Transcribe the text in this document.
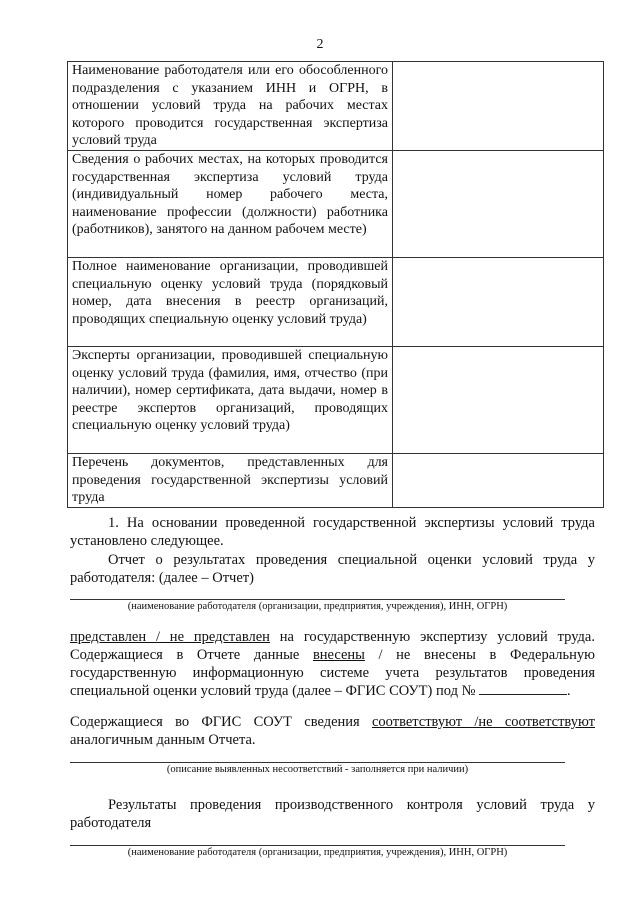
2
Наименование работодателя или его обособленного подразделения с указанием ИНН и ОГРН, в отношении условий труда на рабочих местах которого проводится государственная экспертиза условий труда	
Сведения о рабочих местах, на которых проводится государственная экспертиза условий труда (индивидуальный номер рабочего места, наименование профессии (должности) работника (работников), занятого на данном рабочем месте)	
Полное наименование организации, проводившей специальную оценку условий труда (порядковый номер, дата внесения в реестр организаций, проводящих специальную оценку условий труда)	
Эксперты организации, проводившей специальную оценку условий труда (фамилия, имя, отчество (при наличии), номер сертификата, дата выдачи, номер в реестре экспертов организаций, проводящих специальную оценку условий труда)	
Перечень документов, представленных для проведения государственной экспертизы условий труда	
1. На основании проведенной государственной экспертизы условий труда установлено следующее.
Отчет о результатах проведения специальной оценки условий труда у работодателя: (далее – Отчет)
(наименование работодателя (организации, предприятия, учреждения), ИНН, ОГРН)
представлен / не представлен на государственную экспертизу условий труда. Содержащиеся в Отчете данные внесены / не внесены в Федеральную государственную информационную системе учета результатов проведения специальной оценки условий труда (далее – ФГИС СОУТ) под №	.
Содержащиеся во ФГИС СОУТ сведения соответствуют /не соответствуют аналогичным данным Отчета.
(описание выявленных несоответствий - заполняется при наличии)
Результаты проведения производственного контроля условий труда у работодателя
(наименование работодателя (организации, предприятия, учреждения), ИНН, ОГРН)
